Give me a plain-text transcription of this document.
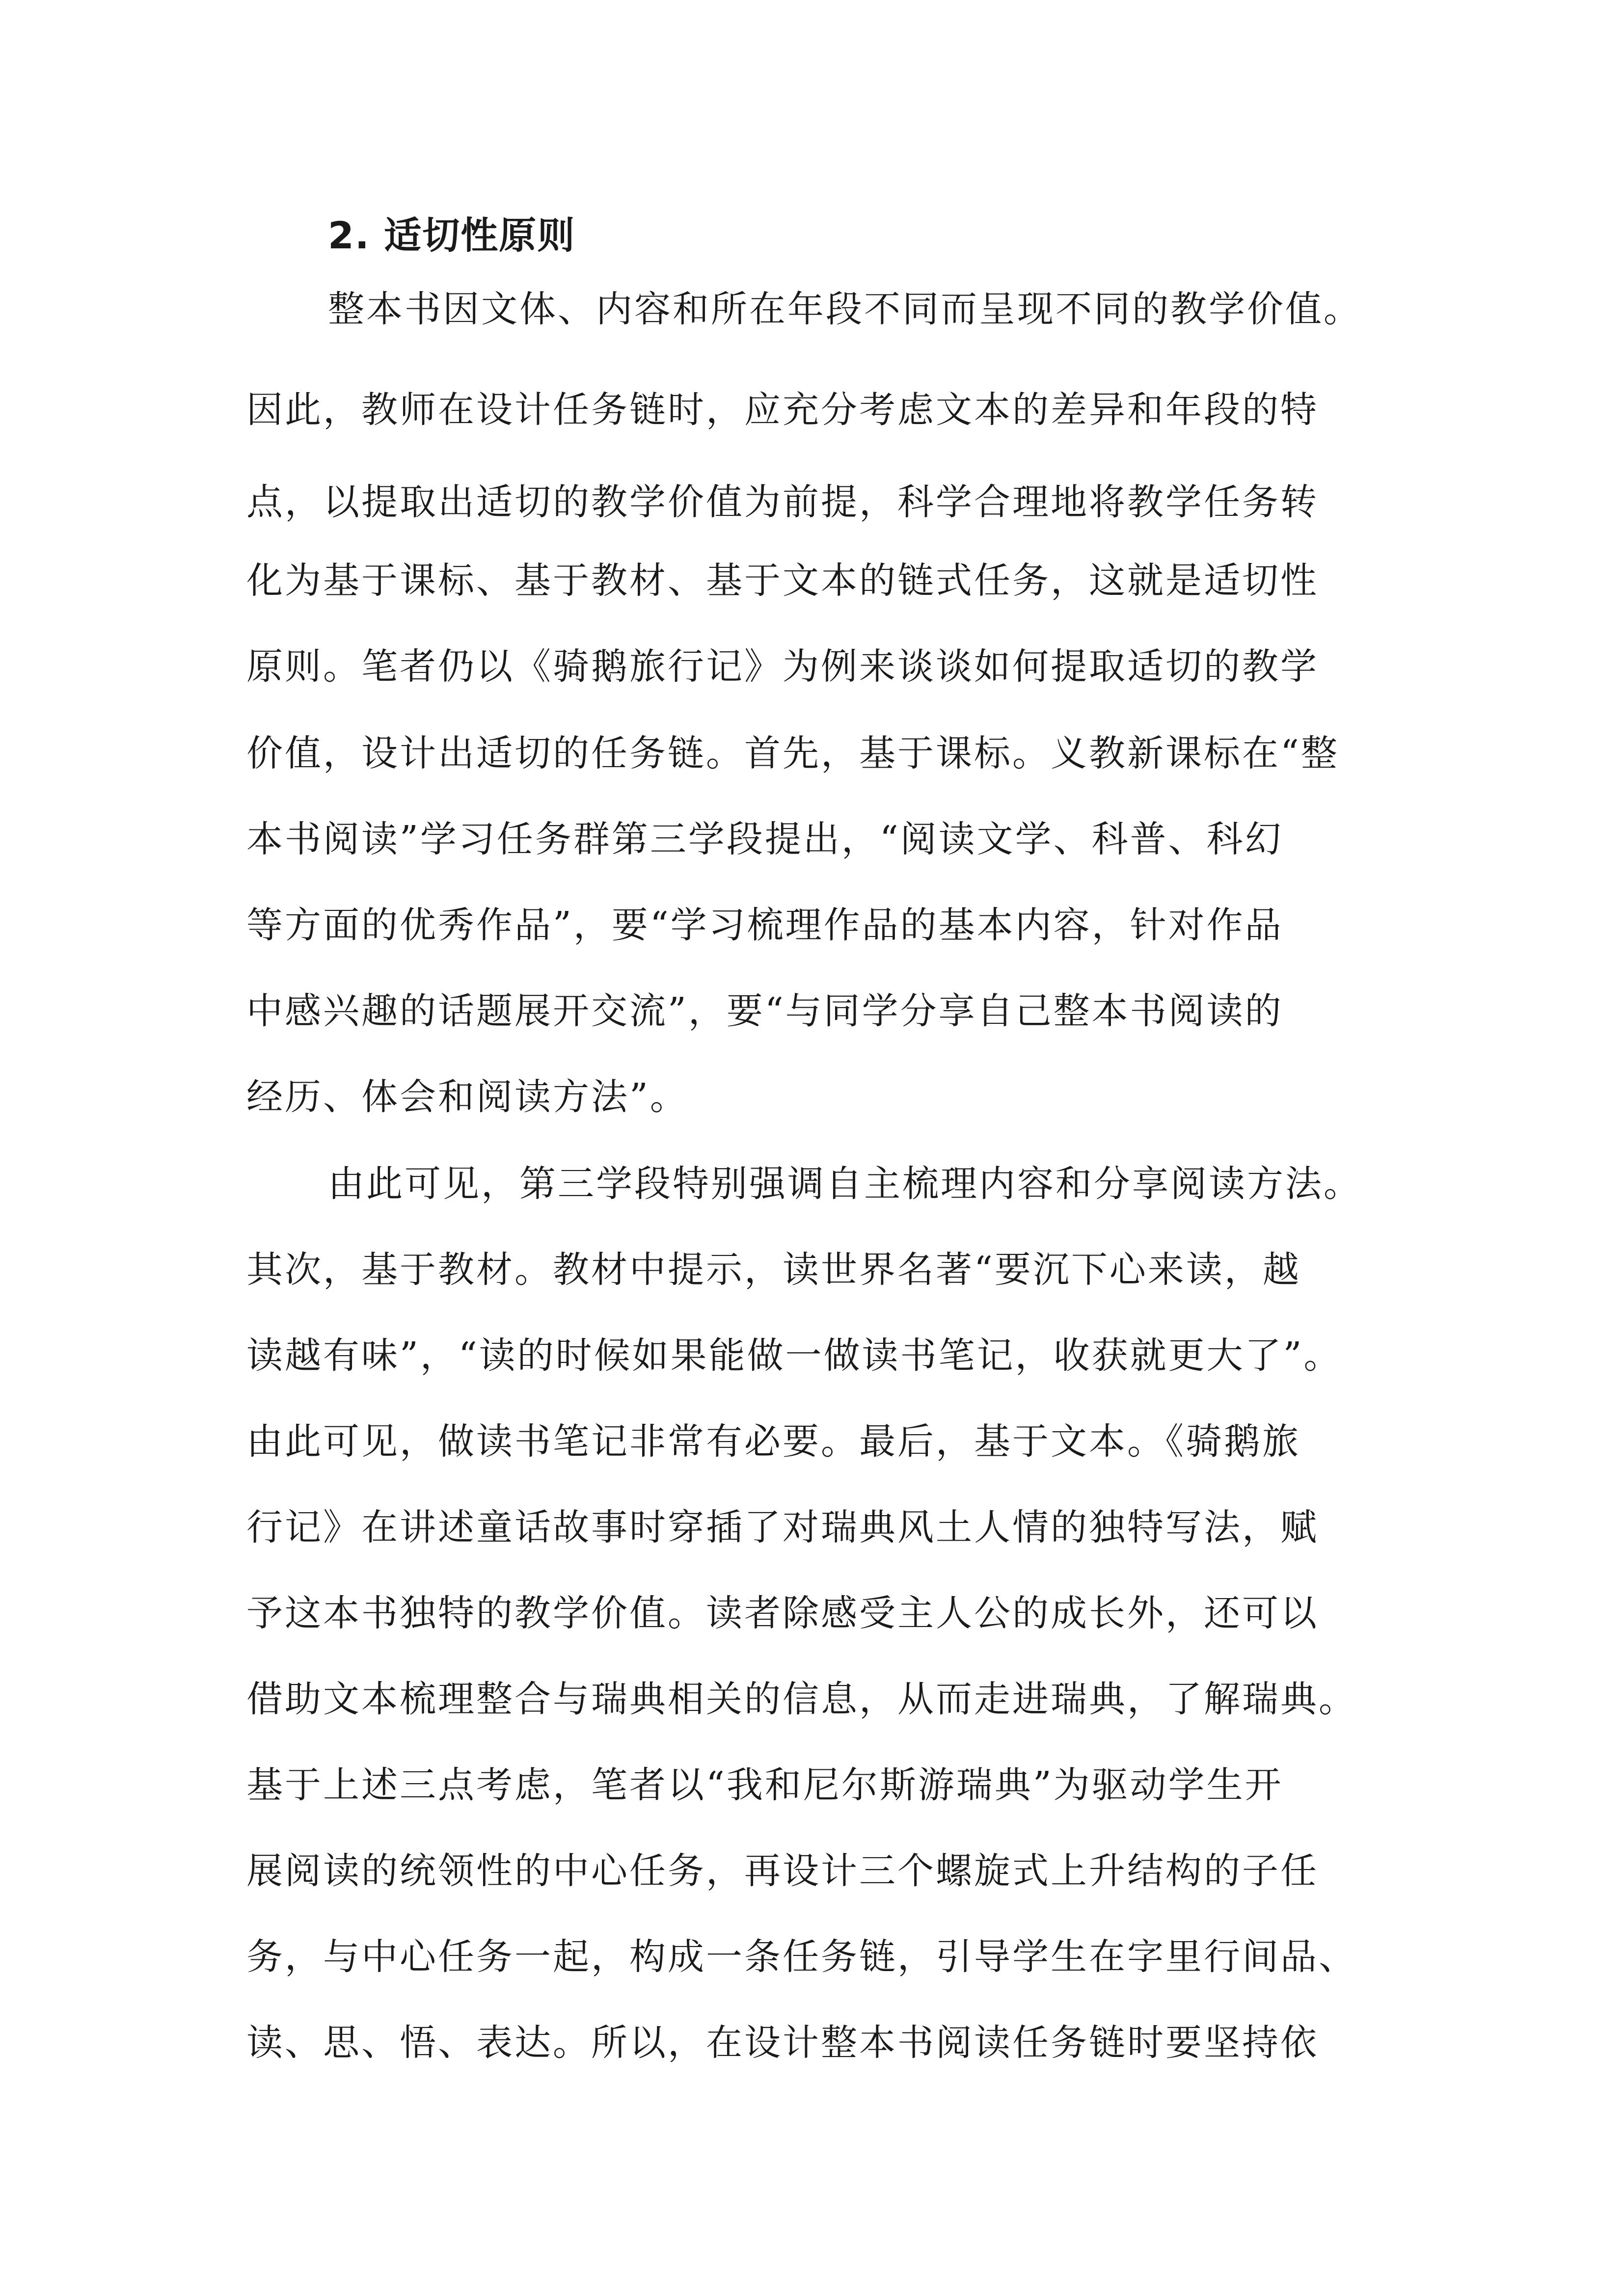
2. 适切性原则
整本书因文体、内容和所在年段不同而呈现不同的教学价值。
因此，教师在设计任务链时，应充分考虑文本的差异和年段的特
点，以提取出适切的教学价值为前提，科学合理地将教学任务转
化为基于课标、基于教材、基于文本的链式任务，这就是适切性
原则。笔者仍以《骑鹅旅行记》为例来谈谈如何提取适切的教学
价值，设计出适切的任务链。首先，基于课标。义教新课标在“整
本书阅读”学习任务群第三学段提出，“阅读文学、科普、科幻
等方面的优秀作品”，要“学习梳理作品的基本内容，针对作品
中感兴趣的话题展开交流”，要“与同学分享自己整本书阅读的
经历、体会和阅读方法”。
由此可见，第三学段特别强调自主梳理内容和分享阅读方法。
其次，基于教材。教材中提示，读世界名著“要沉下心来读，越
读越有味”，“读的时候如果能做一做读书笔记，收获就更大了”。
由此可见，做读书笔记非常有必要。最后，基于文本。《骑鹅旅
行记》在讲述童话故事时穿插了对瑞典风土人情的独特写法，赋
予这本书独特的教学价值。读者除感受主人公的成长外，还可以
借助文本梳理整合与瑞典相关的信息，从而走进瑞典，了解瑞典。
基于上述三点考虑，笔者以“我和尼尔斯游瑞典”为驱动学生开
展阅读的统领性的中心任务，再设计三个螺旋式上升结构的子任
务，与中心任务一起，构成一条任务链，引导学生在字里行间品、
读、思、悟、表达。所以，在设计整本书阅读任务链时要坚持依
